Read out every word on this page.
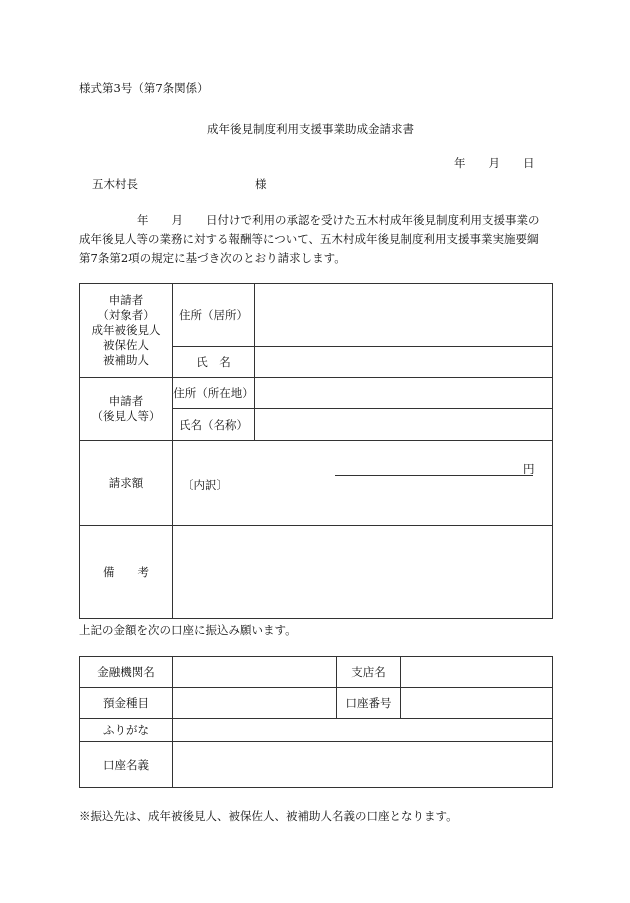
様式第3号（第7条関係）
成年後見制度利用支援事業助成金請求書
年　　月　　日
五木村長	様
年　　月　　日付けで利用の承認を受けた五木村成年後見制度利用支援事業の
成年後見人等の業務に対する報酬等について、五木村成年後見制度利用支援事業実施要綱
第7条第2項の規定に基づき次のとおり請求します。
申請者
（対象者）
成年被後見人
被保佐人
被補助人	住所（居所）	
	氏　名	

申請者
（後見人等）	住所（所在地）	
	氏名（名称）	
請求額	円
〔内訳〕	

備　　考		
上記の金額を次の口座に振込み願います。
金融機関名		支店名	
預金種目		口座番号	
ふりがな			
口座名義			
※振込先は、成年被後見人、被保佐人、被補助人名義の口座となります。
